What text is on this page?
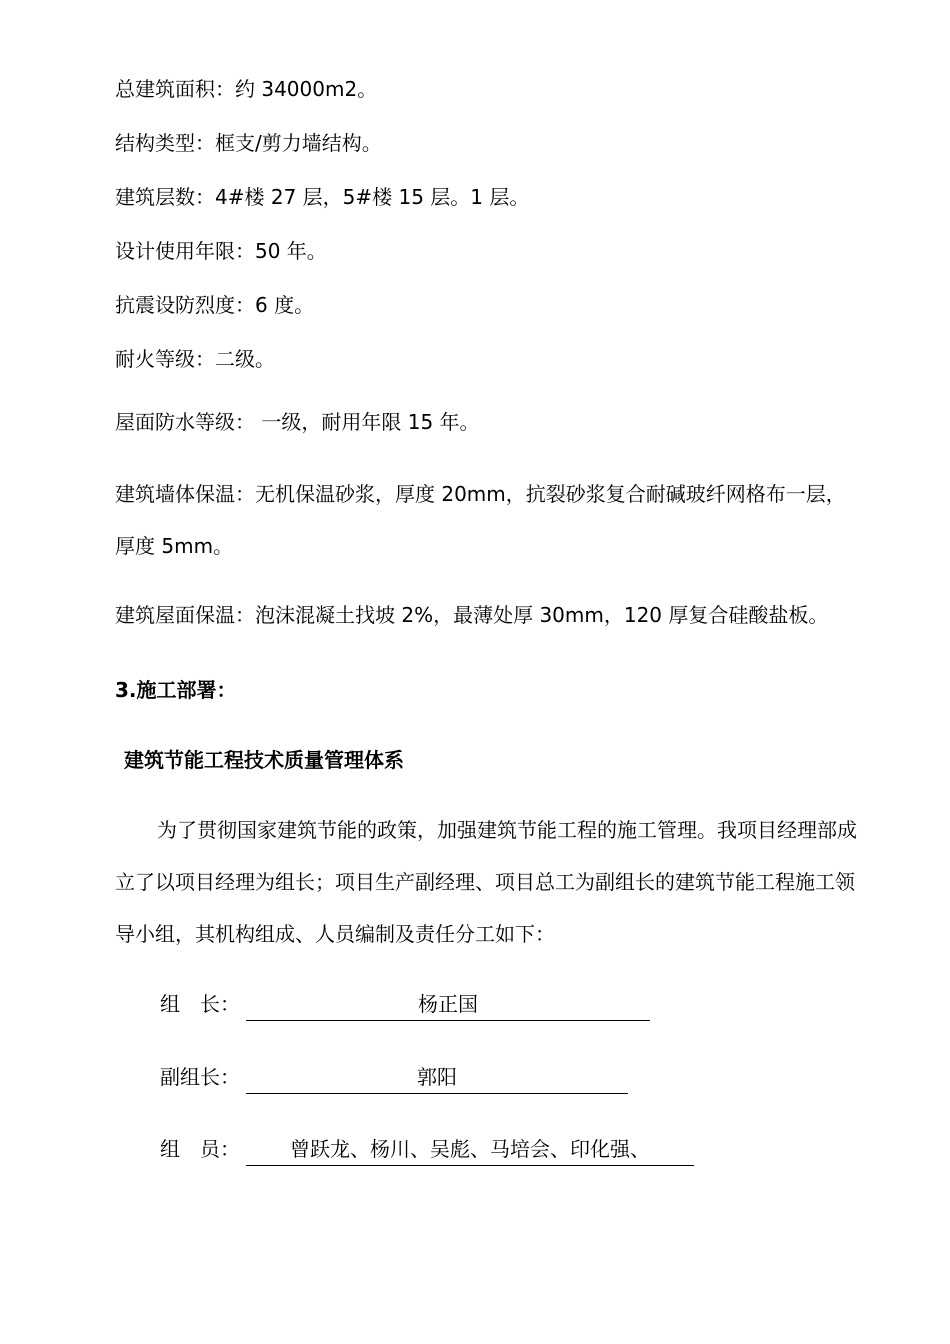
总建筑面积：约 34000m2。
结构类型：框支/剪力墙结构。
建筑层数：4#楼 27 层，5#楼 15 层。1 层。
设计使用年限：50 年。
抗震设防烈度：6 度。
耐火等级：二级。
屋面防水等级： 一级，耐用年限 15 年。
建筑墙体保温：无机保温砂浆，厚度 20mm，抗裂砂浆复合耐碱玻纤网格布一层，厚度 5mm。
建筑屋面保温：泡沫混凝土找坡 2%，最薄处厚 30mm，120 厚复合硅酸盐板。
3.施工部署：
建筑节能工程技术质量管理体系
为了贯彻国家建筑节能的政策，加强建筑节能工程的施工管理。我项目经理部成立了以项目经理为组长；项目生产副经理、项目总工为副组长的建筑节能工程施工领导小组，其机构组成、人员编制及责任分工如下：
组　长：	杨正国
副组长：	郭阳
组　员：	曾跃龙、杨川、吴彪、马培会、印化强、
